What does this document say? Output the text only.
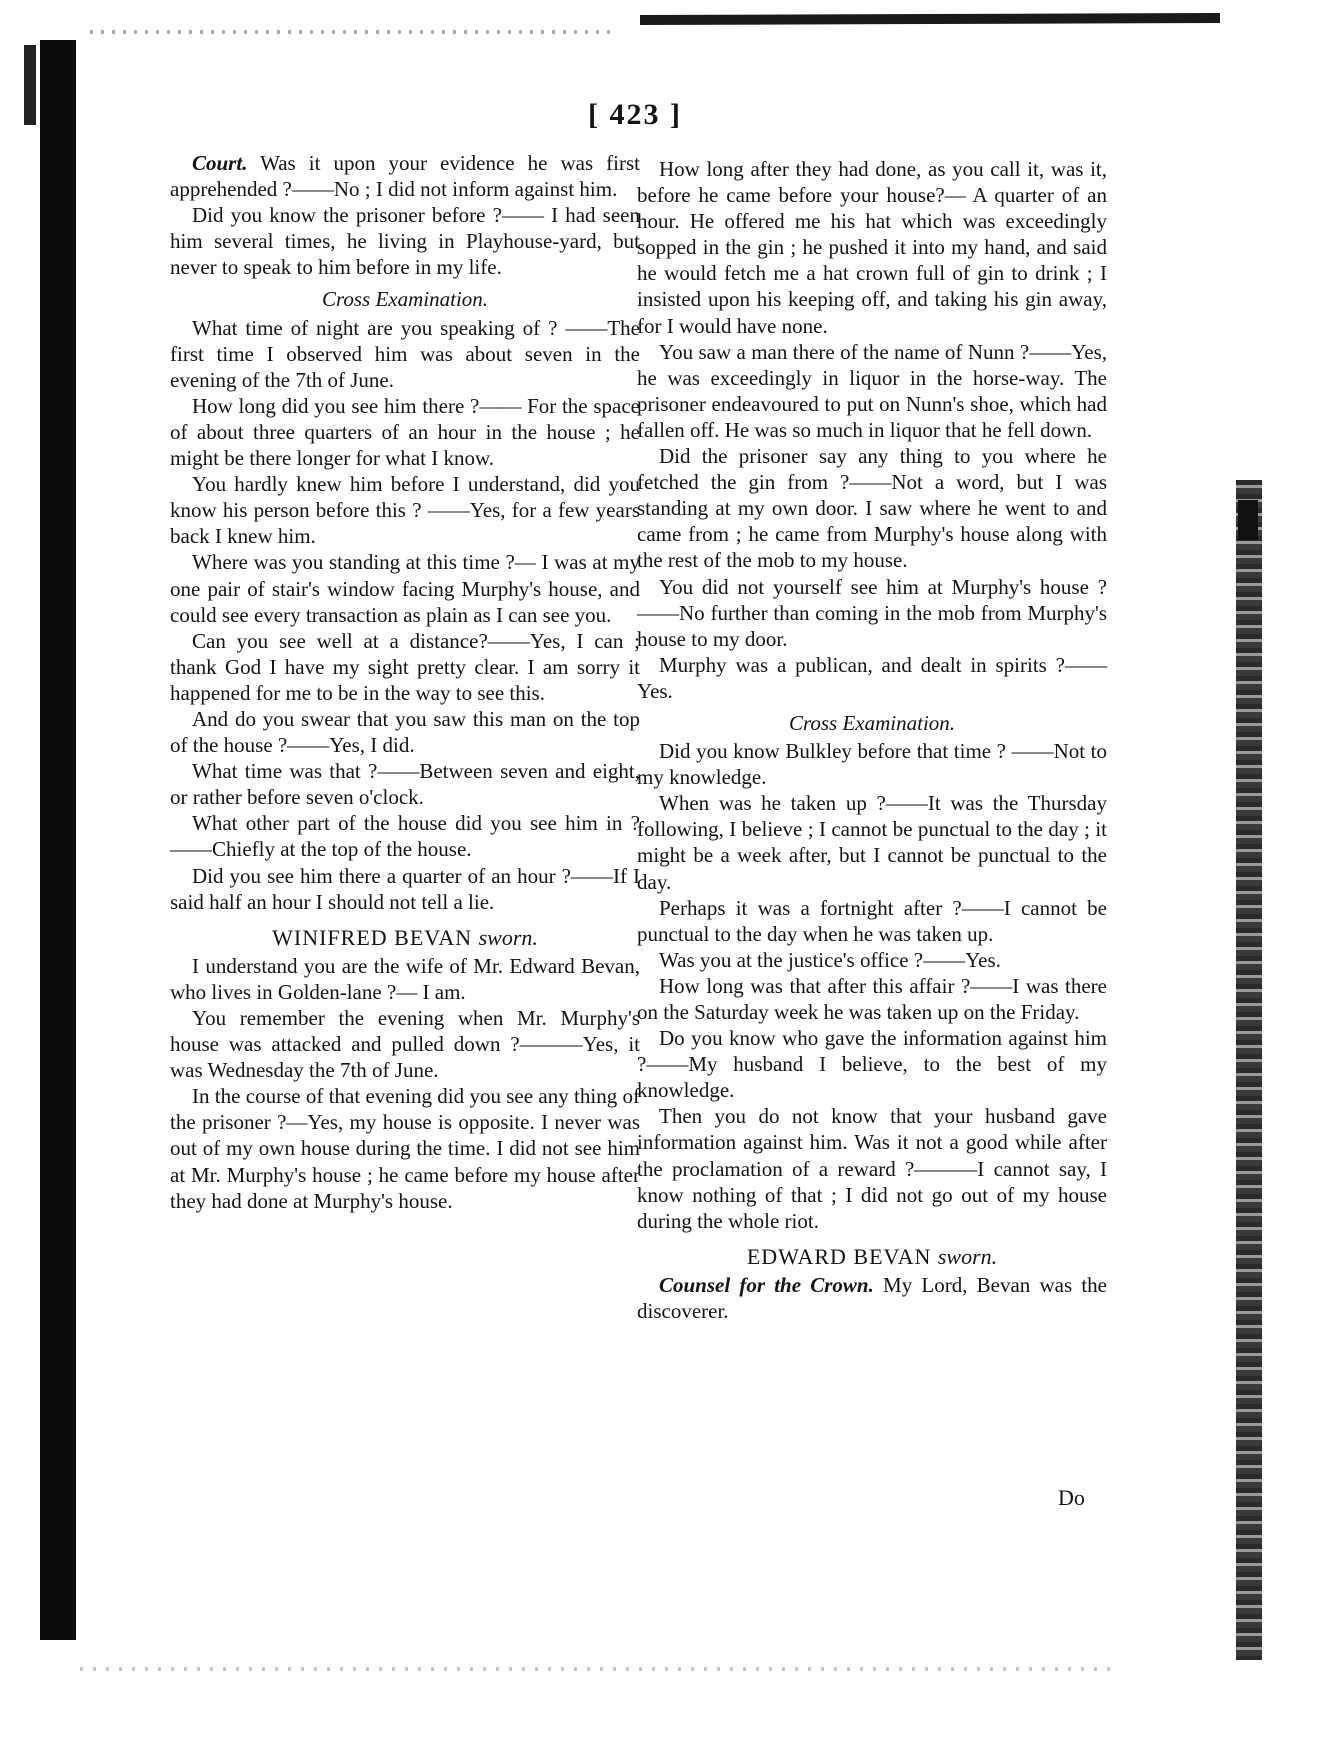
[ 423 ]

Court. Was it upon your evidence he was first apprehended ?——No ; I did not inform against him.

Did you know the prisoner before ?—— I had seen him several times, he living in Playhouse-yard, but never to speak to him before in my life.

Cross Examination.

What time of night are you speaking of ? ——The first time I observed him was about seven in the evening of the 7th of June.

How long did you see him there ?—— For the space of about three quarters of an hour in the house ; he might be there longer for what I know.

You hardly knew him before I understand, did you know his person before this ? ——Yes, for a few years back I knew him.

Where was you standing at this time ?— I was at my one pair of stair's window facing Murphy's house, and could see every transaction as plain as I can see you.

Can you see well at a distance?——Yes, I can ; thank God I have my sight pretty clear. I am sorry it happened for me to be in the way to see this.

And do you swear that you saw this man on the top of the house ?——Yes, I did.

What time was that ?——Between seven and eight, or rather before seven o'clock.

What other part of the house did you see him in ?——Chiefly at the top of the house.

Did you see him there a quarter of an hour ?——If I said half an hour I should not tell a lie.

WINIFRED BEVAN sworn.

I understand you are the wife of Mr. Edward Bevan, who lives in Golden-lane ?— I am.

You remember the evening when Mr. Murphy's house was attacked and pulled down ?———Yes, it was Wednesday the 7th of June.

In the course of that evening did you see any thing of the prisoner ?—Yes, my house is opposite. I never was out of my own house during the time. I did not see him at Mr. Murphy's house ; he came before my house after they had done at Murphy's house.

How long after they had done, as you call it, was it, before he came before your house?— A quarter of an hour. He offered me his hat which was exceedingly sopped in the gin ; he pushed it into my hand, and said he would fetch me a hat crown full of gin to drink ; I insisted upon his keeping off, and taking his gin away, for I would have none.

You saw a man there of the name of Nunn ?——Yes, he was exceedingly in liquor in the horse-way. The prisoner endeavoured to put on Nunn's shoe, which had fallen off. He was so much in liquor that he fell down.

Did the prisoner say any thing to you where he fetched the gin from ?——Not a word, but I was standing at my own door. I saw where he went to and came from ; he came from Murphy's house along with the rest of the mob to my house.

You did not yourself see him at Murphy's house ?——No further than coming in the mob from Murphy's house to my door.

Murphy was a publican, and dealt in spirits ?——Yes.

Cross Examination.

Did you know Bulkley before that time ? ——Not to my knowledge.

When was he taken up ?——It was the Thursday following, I believe ; I cannot be punctual to the day ; it might be a week after, but I cannot be punctual to the day.

Perhaps it was a fortnight after ?——I cannot be punctual to the day when he was taken up.

Was you at the justice's office ?——Yes.

How long was that after this affair ?——I was there on the Saturday week he was taken up on the Friday.

Do you know who gave the information against him ?——My husband I believe, to the best of my knowledge.

Then you do not know that your husband gave information against him. Was it not a good while after the proclamation of a reward ?———I cannot say, I know nothing of that ; I did not go out of my house during the whole riot.

EDWARD BEVAN sworn.

Counsel for the Crown. My Lord, Bevan was the discoverer.

Do
